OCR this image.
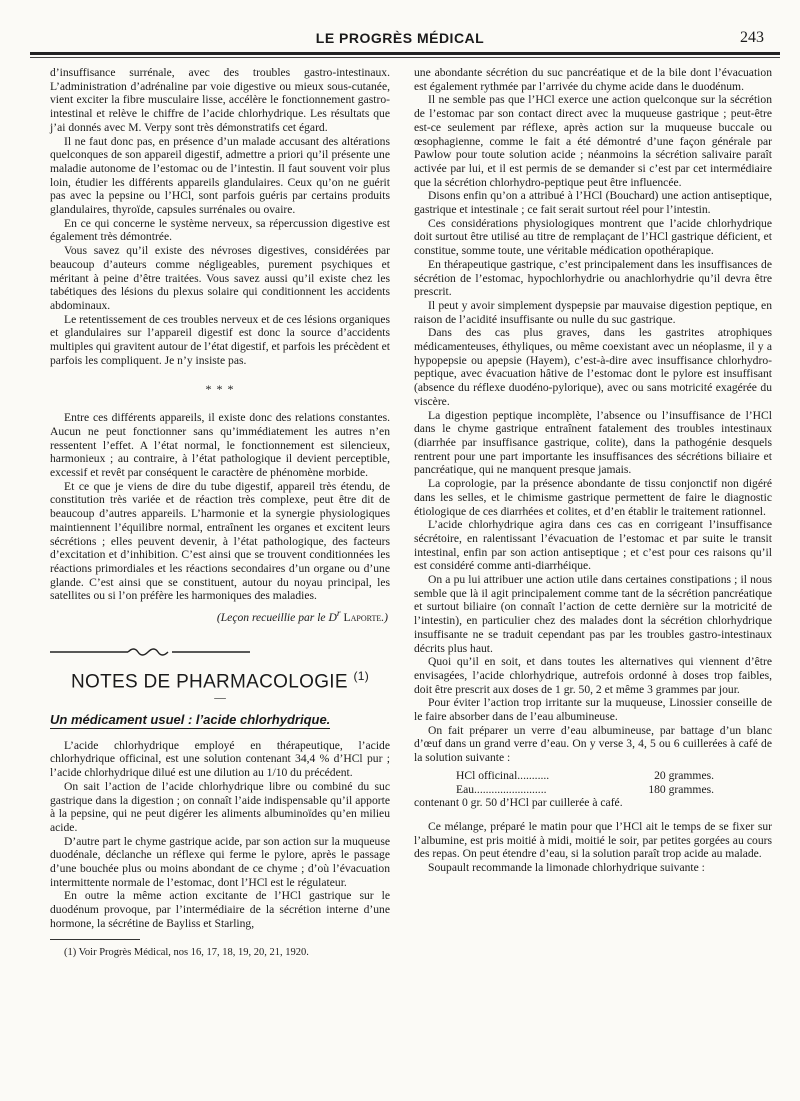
LE PROGRÈS MÉDICAL	243

d’insuffisance surrénale, avec des troubles gastro-intestinaux. L’administration d’adrénaline par voie digestive ou mieux sous-cutanée, vient exciter la fibre musculaire lisse, accélère le fonctionnement gastro-intestinal et relève le chiffre de l’acide chlorhydrique. Les résultats que j’ai donnés avec M. Verpy sont très démonstratifs cet égard.

Il ne faut donc pas, en présence d’un malade accusant des altérations quelconques de son appareil digestif, admettre a priori qu’il présente une maladie autonome de l’estomac ou de l’intestin. Il faut souvent voir plus loin, étudier les différents appareils glandulaires. Ceux qu’on ne guérit pas avec la pepsine ou l’HCl, sont parfois guéris par certains produits glandulaires, thyroïde, capsules surrénales ou ovaire.

En ce qui concerne le système nerveux, sa répercussion digestive est également très démontrée.

Vous savez qu’il existe des névroses digestives, considérées par beaucoup d’auteurs comme négligeables, purement psychiques et méritant à peine d’être traitées. Vous savez aussi qu’il existe chez les tabétiques des lésions du plexus solaire qui conditionnent les accidents abdominaux.

Le retentissement de ces troubles nerveux et de ces lésions organiques et glandulaires sur l’appareil digestif est donc la source d’accidents multiples qui gravitent autour de l’état digestif, et parfois les précèdent et parfois les compliquent. Je n’y insiste pas.

* * *

Entre ces différents appareils, il existe donc des relations constantes. Aucun ne peut fonctionner sans qu’immédiatement les autres n’en ressentent l’effet. A l’état normal, le fonctionnement est silencieux, harmonieux ; au contraire, à l’état pathologique il devient perceptible, excessif et revêt par conséquent le caractère de phénomène morbide.

Et ce que je viens de dire du tube digestif, appareil très étendu, de constitution très variée et de réaction très complexe, peut être dit de beaucoup d’autres appareils. L’harmonie et la synergie physiologiques maintiennent l’équilibre normal, entraînent les organes et excitent leurs sécrétions ; elles peuvent devenir, à l’état pathologique, des facteurs d’excitation et d’inhibition. C’est ainsi que se trouvent conditionnées les réactions primordiales et les réactions secondaires d’un organe ou d’une glande. C’est ainsi que se constituent, autour du noyau principal, les satellites ou si l’on préfère les harmoniques des maladies.

(Leçon recueillie par le $D^r$ Laporte.)
NOTES DE PHARMACOLOGIE $^{(1)}$
—
Un médicament usuel : l’acide chlorhydrique.

L’acide chlorhydrique employé en thérapeutique, l’acide chlorhydrique officinal, est une solution contenant 34,4 % d’HCl pur ; l’acide chlorhydrique dilué est une dilution au 1/10 du précédent.

On sait l’action de l’acide chlorhydrique libre ou combiné du suc gastrique dans la digestion ; on connaît l’aide indispensable qu’il apporte à la pepsine, qui ne peut digérer les aliments albuminoïdes qu’en milieu acide.

D’autre part le chyme gastrique acide, par son action sur la muqueuse duodénale, déclanche un réflexe qui ferme le pylore, après le passage d’une bouchée plus ou moins abondant de ce chyme ; d’où l’évacuation intermittente normale de l’estomac, dont l’HCl est le régulateur.

En outre la même action excitante de l’HCl gastrique sur le duodénum provoque, par l’intermédiaire de la sécrétion interne d’une hormone, la sécrétine de Bayliss et Starling,

(1) Voir Progrès Médical, nos 16, 17, 18, 19, 20, 21, 1920.

une abondante sécrétion du suc pancréatique et de la bile dont l’évacuation est également rythmée par l’arrivée du chyme acide dans le duodénum.

Il ne semble pas que l’HCl exerce une action quelconque sur la sécrétion de l’estomac par son contact direct avec la muqueuse gastrique ; peut-être est-ce seulement par réflexe, après action sur la muqueuse buccale ou œsophagienne, comme le fait a été démontré d’une façon générale par Pawlow pour toute solution acide ; néanmoins la sécrétion salivaire paraît activée par lui, et il est permis de se demander si c’est par cet intermédiaire que la sécrétion chlorhydro-peptique peut être influencée.

Disons enfin qu’on a attribué à l’HCl (Bouchard) une action antiseptique, gastrique et intestinale ; ce fait serait surtout réel pour l’intestin.

Ces considérations physiologiques montrent que l’acide chlorhydrique doit surtout être utilisé au titre de remplaçant de l’HCl gastrique déficient, et constitue, somme toute, une véritable médication opothérapique.

En thérapeutique gastrique, c’est principalement dans les insuffisances de sécrétion de l’estomac, hypochlorhydrie ou anachlorhydrie qu’il devra être prescrit.

Il peut y avoir simplement dyspepsie par mauvaise digestion peptique, en raison de l’acidité insuffisante ou nulle du suc gastrique.

Dans des cas plus graves, dans les gastrites atrophiques médicamenteuses, éthyliques, ou même coexistant avec un néoplasme, il y a hypopepsie ou apepsie (Hayem), c’est-à-dire avec insuffisance chlorhydro-peptique, avec évacuation hâtive de l’estomac dont le pylore est insuffisant (absence du réflexe duodéno-pylorique), avec ou sans motricité exagérée du viscère.

La digestion peptique incomplète, l’absence ou l’insuffisance de l’HCl dans le chyme gastrique entraînent fatalement des troubles intestinaux (diarrhée par insuffisance gastrique, colite), dans la pathogénie desquels rentrent pour une part importante les insuffisances des sécrétions biliaire et pancréatique, qui ne manquent presque jamais.

La coprologie, par la présence abondante de tissu conjonctif non digéré dans les selles, et le chimisme gastrique permettent de faire le diagnostic étiologique de ces diarrhées et colites, et d’en établir le traitement rationnel.

L’acide chlorhydrique agira dans ces cas en corrigeant l’insuffisance sécrétoire, en ralentissant l’évacuation de l’estomac et par suite le transit intestinal, enfin par son action antiseptique ; et c’est pour ces raisons qu’il est considéré comme anti-diarrhéique.

On a pu lui attribuer une action utile dans certaines constipations ; il nous semble que là il agit principalement comme tant de la sécrétion pancréatique et surtout biliaire (on connaît l’action de cette dernière sur la motricité de l’intestin), en particulier chez des malades dont la sécrétion chlorhydrique insuffisante ne se traduit cependant pas par les troubles gastro-intestinaux décrits plus haut.

Quoi qu’il en soit, et dans toutes les alternatives qui viennent d’être envisagées, l’acide chlorhydrique, autrefois ordonné à doses trop faibles, doit être prescrit aux doses de 1 gr. 50, 2 et même 3 grammes par jour.

Pour éviter l’action trop irritante sur la muqueuse, Linossier conseille de le faire absorber dans de l’eau albumineuse.

On fait préparer un verre d’eau albumineuse, par battage d’un blanc d’œuf dans un grand verre d’eau. On y verse 3, 4, 5 ou 6 cuillerées à café de la solution suivante :

HCl officinal...........	20 grammes.
Eau.........................	180 grammes.

contenant 0 gr. 50 d’HCl par cuillerée à café.

Ce mélange, préparé le matin pour que l’HCl ait le temps de se fixer sur l’albumine, est pris moitié à midi, moitié le soir, par petites gorgées au cours des repas. On peut étendre d’eau, si la solution paraît trop acide au malade.

Soupault recommande la limonade chlorhydrique suivante :
